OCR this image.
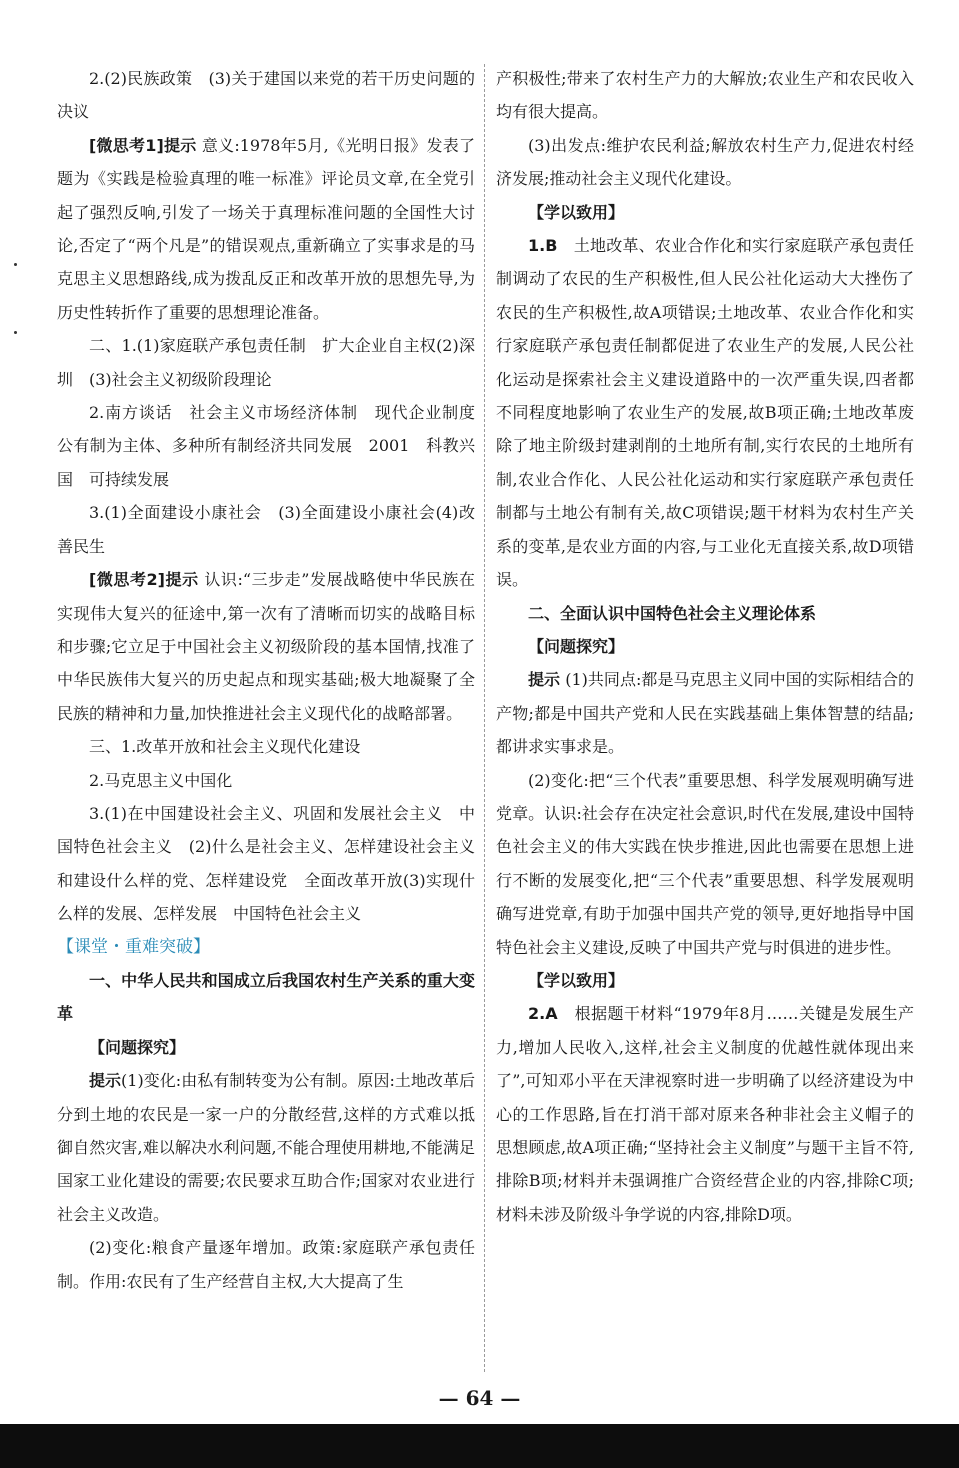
2.(2)民族政策　(3)关于建国以来党的若干历史问题的决议

[微思考1]提示 意义:1978年5月,《光明日报》发表了题为《实践是检验真理的唯一标准》评论员文章,在全党引起了强烈反响,引发了一场关于真理标准问题的全国性大讨论,否定了“两个凡是”的错误观点,重新确立了实事求是的马克思主义思想路线,成为拨乱反正和改革开放的思想先导,为历史性转折作了重要的思想理论准备。

二、1.(1)家庭联产承包责任制　扩大企业自主权(2)深圳　(3)社会主义初级阶段理论

2.南方谈话　社会主义市场经济体制　现代企业制度　公有制为主体、多种所有制经济共同发展　2001　科教兴国　可持续发展

3.(1)全面建设小康社会　(3)全面建设小康社会(4)改善民生

[微思考2]提示 认识:“三步走”发展战略使中华民族在实现伟大复兴的征途中,第一次有了清晰而切实的战略目标和步骤;它立足于中国社会主义初级阶段的基本国情,找准了中华民族伟大复兴的历史起点和现实基础;极大地凝聚了全民族的精神和力量,加快推进社会主义现代化的战略部署。

三、1.改革开放和社会主义现代化建设

2.马克思主义中国化

3.(1)在中国建设社会主义、巩固和发展社会主义　中国特色社会主义　(2)什么是社会主义、怎样建设社会主义和建设什么样的党、怎样建设党　全面改革开放(3)实现什么样的发展、怎样发展　中国特色社会主义

【课堂・重难突破】

一、中华人民共和国成立后我国农村生产关系的重大变革

【问题探究】

提示(1)变化:由私有制转变为公有制。原因:土地改革后分到土地的农民是一家一户的分散经营,这样的方式难以抵御自然灾害,难以解决水利问题,不能合理使用耕地,不能满足国家工业化建设的需要;农民要求互助合作;国家对农业进行社会主义改造。

(2)变化:粮食产量逐年增加。政策:家庭联产承包责任制。作用:农民有了生产经营自主权,大大提高了生

产积极性;带来了农村生产力的大解放;农业生产和农民收入均有很大提高。

(3)出发点:维护农民利益;解放农村生产力,促进农村经济发展;推动社会主义现代化建设。

【学以致用】

1.B　 土地改革、农业合作化和实行家庭联产承包责任制调动了农民的生产积极性,但人民公社化运动大大挫伤了农民的生产积极性,故A项错误;土地改革、农业合作化和实行家庭联产承包责任制都促进了农业生产的发展,人民公社化运动是探索社会主义建设道路中的一次严重失误,四者都不同程度地影响了农业生产的发展,故B项正确;土地改革废除了地主阶级封建剥削的土地所有制,实行农民的土地所有制,农业合作化、人民公社化运动和实行家庭联产承包责任制都与土地公有制有关,故C项错误;题干材料为农村生产关系的变革,是农业方面的内容,与工业化无直接关系,故D项错误。

二、全面认识中国特色社会主义理论体系

【问题探究】

提示 (1)共同点:都是马克思主义同中国的实际相结合的产物;都是中国共产党和人民在实践基础上集体智慧的结晶;都讲求实事求是。

(2)变化:把“三个代表”重要思想、科学发展观明确写进党章。认识:社会存在决定社会意识,时代在发展,建设中国特色社会主义的伟大实践在快步推进,因此也需要在思想上进行不断的发展变化,把“三个代表”重要思想、科学发展观明确写进党章,有助于加强中国共产党的领导,更好地指导中国特色社会主义建设,反映了中国共产党与时俱进的进步性。

【学以致用】

2.A　 根据题干材料“1979年8月……关键是发展生产力,增加人民收入,这样,社会主义制度的优越性就体现出来了”,可知邓小平在天津视察时进一步明确了以经济建设为中心的工作思路,旨在打消干部对原来各种非社会主义帽子的思想顾虑,故A项正确;“坚持社会主义制度”与题干主旨不符,排除B项;材料并未强调推广合资经营企业的内容,排除C项;材料未涉及阶级斗争学说的内容,排除D项。

— 64 —
